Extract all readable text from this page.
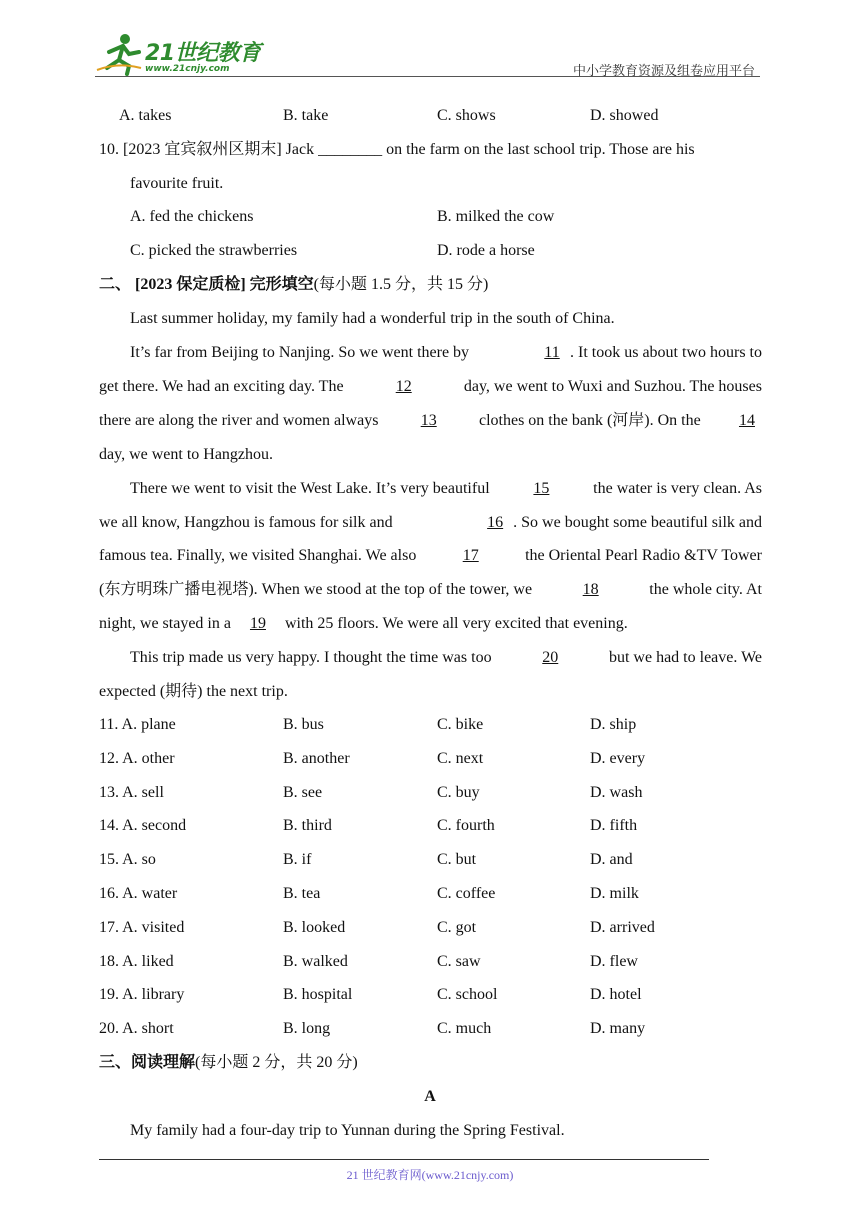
21世纪教育
www.21cnjy.com	中小学教育资源及组卷应用平台
A. takes	B. take	C. shows	D. showed
10. [2023 宜宾叙州区期末] Jack ________ on the farm on the last school trip. Those are his
favourite fruit.
A. fed the chickens	B. milked the cow
C. picked the strawberries	D. rode a horse
二、 [2023 保定质检] 完形填空(每小题 1.5 分，共 15 分)
Last summer holiday, my family had a wonderful trip in the south of China.
It’s far from Beijing to Nanjing. So we went there by	11 . It took us about two hours to
get there. We had an exciting day. The	12	day, we went to Wuxi and Suzhou. The houses
there are along the river and women always	13	clothes on the bank (河岸). On the	14
day, we went to Hangzhou.
There we went to visit the West Lake. It’s very beautiful	15	the water is very clean. As
we all know, Hangzhou is famous for silk and	16 . So we bought some beautiful silk and
famous tea. Finally, we visited Shanghai. We also	17	the Oriental Pearl Radio &TV Tower
(东方明珠广播电视塔). When we stood at the top of the tower, we	18	the whole city. At
night, we stayed in a	19	with 25 floors. We were all very excited that evening.
This trip made us very happy. I thought the time was too	20	but we had to leave. We
expected (期待) the next trip.
11. A. plane	B. bus	C. bike	D. ship
12. A. other	B. another	C. next	D. every
13. A. sell	B. see	C. buy	D. wash
14. A. second	B. third	C. fourth	D. fifth
15. A. so	B. if	C. but	D. and
16. A. water	B. tea	C. coffee	D. milk
17. A. visited	B. looked	C. got	D. arrived
18. A. liked	B. walked	C. saw	D. flew
19. A. library	B. hospital	C. school	D. hotel
20. A. short	B. long	C. much	D. many
三、阅读理解(每小题 2 分，共 20 分)
A
My family had a four-day trip to Yunnan during the Spring Festival.
21 世纪教育网(www.21cnjy.com)
